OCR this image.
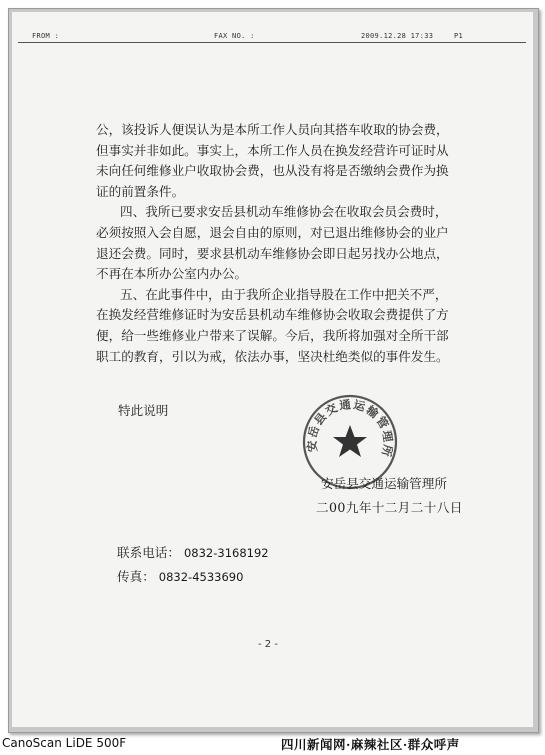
FROM :	FAX NO. :	2009.12.28 17:33	P1

公，该投诉人便误认为是本所工作人员向其搭车收取的协会费，
但事实并非如此。事实上，本所工作人员在换发经营许可证时从
未向任何维修业户收取协会费，也从没有将是否缴纳会费作为换
证的前置条件。

四、我所已要求安岳县机动车维修协会在收取会员会费时，
必须按照入会自愿，退会自由的原则，对已退出维修协会的业户
退还会费。同时，要求县机动车维修协会即日起另找办公地点，
不再在本所办公室内办公。

五、在此事件中，由于我所企业指导股在工作中把关不严，
在换发经营维修证时为安岳县机动车维修协会收取会费提供了方
便，给一些维修业户带来了误解。今后，我所将加强对全所干部
职工的教育，引以为戒，依法办事，坚决杜绝类似的事件发生。

特此说明
安岳县交通运输管理所
安岳县交通运输管理所
二00九年十二月二十八日
联系电话： 0832-3168192
传真： 0832-4533690
- 2 -
CanoScan LiDE 500F	四川新闻网·麻辣社区·群众呼声
